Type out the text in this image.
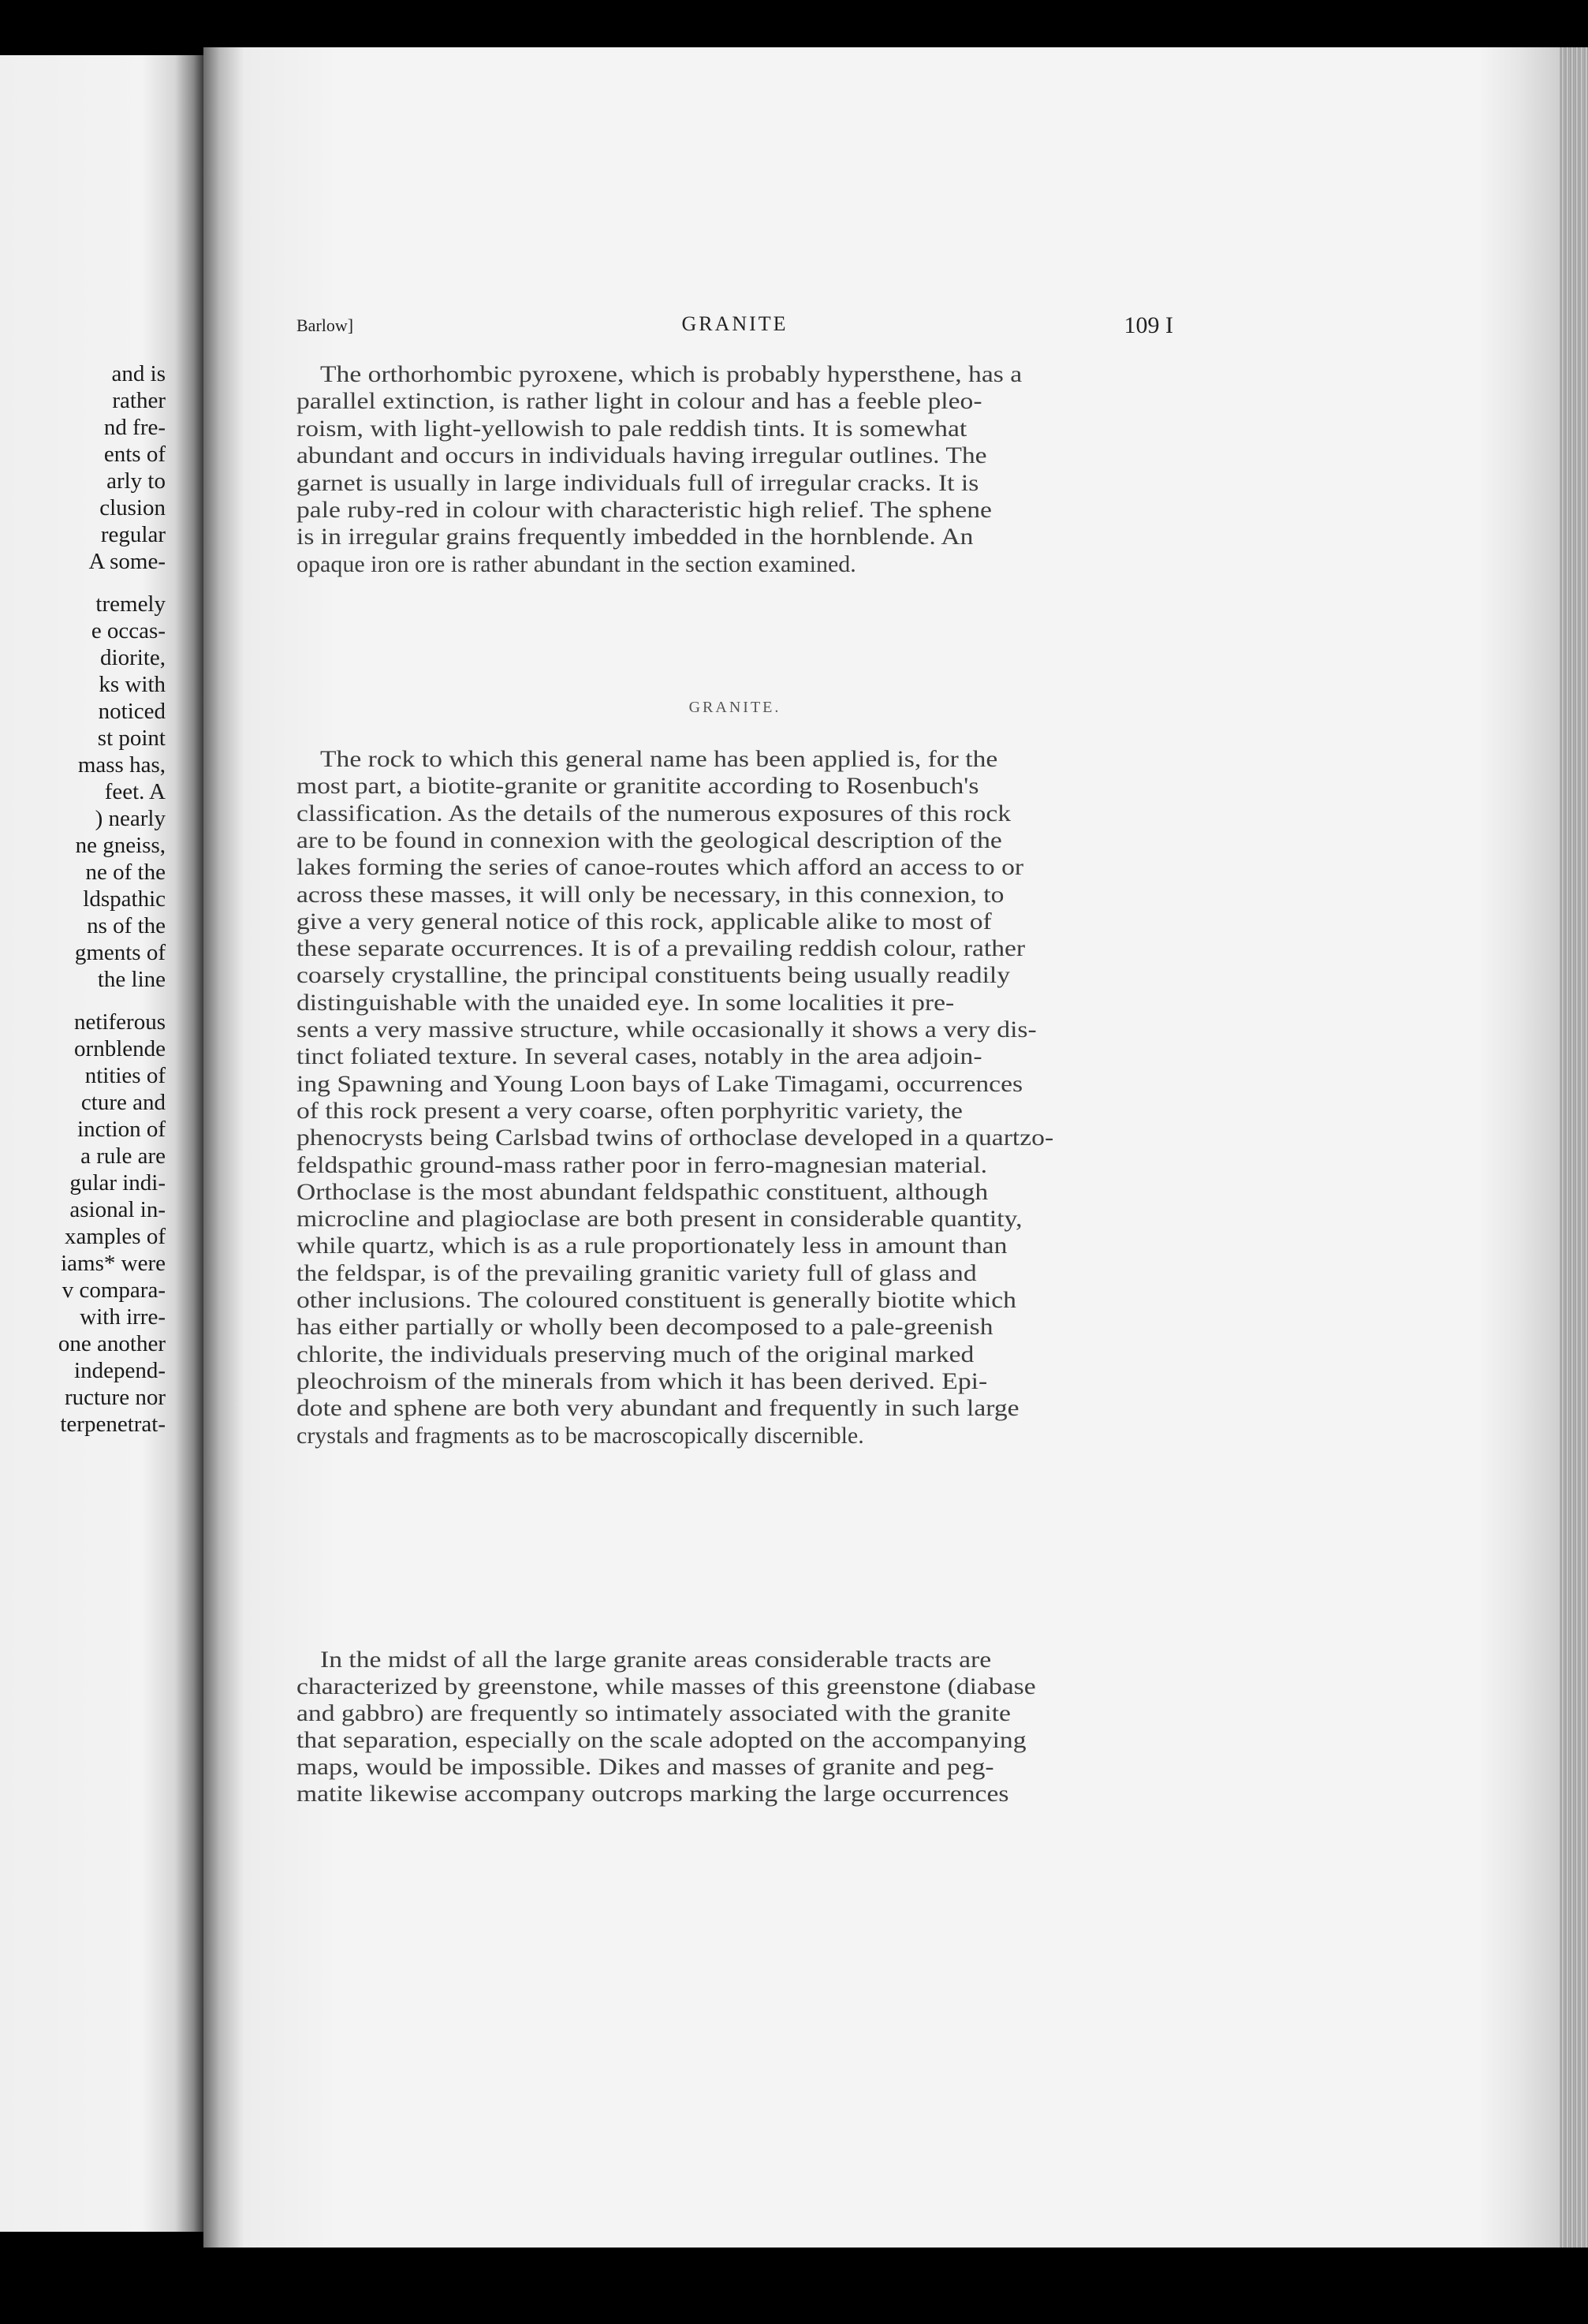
and is
rather
nd fre-
ents of
arly to
clusion
regular
A some-
tremely
e occas-
diorite,
ks with
noticed
st point
mass has,
feet. A
) nearly
ne gneiss,
ne of the
ldspathic
ns of the
gments of
the line
netiferous
ornblende
ntities of
cture and
inction of
a rule are
gular indi-
asional in-
xamples of
iams* were
v compara-
with irre-
one another
independ-
ructure nor
terpenetrat-
Barlow]	GRANITE	109 I
The orthorhombic pyroxene, which is probably hypersthene, has a
parallel extinction, is rather light in colour and has a feeble pleo-
roism, with light-yellowish to pale reddish tints. It is somewhat
abundant and occurs in individuals having irregular outlines. The
garnet is usually in large individuals full of irregular cracks. It is
pale ruby-red in colour with characteristic high relief. The sphene
is in irregular grains frequently imbedded in the hornblende. An
opaque iron ore is rather abundant in the section examined.
GRANITE.
The rock to which this general name has been applied is, for the
most part, a biotite-granite or granitite according to Rosenbuch's
classification. As the details of the numerous exposures of this rock
are to be found in connexion with the geological description of the
lakes forming the series of canoe-routes which afford an access to or
across these masses, it will only be necessary, in this connexion, to
give a very general notice of this rock, applicable alike to most of
these separate occurrences. It is of a prevailing reddish colour, rather
coarsely crystalline, the principal constituents being usually readily
distinguishable with the unaided eye. In some localities it pre-
sents a very massive structure, while occasionally it shows a very dis-
tinct foliated texture. In several cases, notably in the area adjoin-
ing Spawning and Young Loon bays of Lake Timagami, occurrences
of this rock present a very coarse, often porphyritic variety, the
phenocrysts being Carlsbad twins of orthoclase developed in a quartzo-
feldspathic ground-mass rather poor in ferro-magnesian material.
Orthoclase is the most abundant feldspathic constituent, although
microcline and plagioclase are both present in considerable quantity,
while quartz, which is as a rule proportionately less in amount than
the feldspar, is of the prevailing granitic variety full of glass and
other inclusions. The coloured constituent is generally biotite which
has either partially or wholly been decomposed to a pale-greenish
chlorite, the individuals preserving much of the original marked
pleochroism of the minerals from which it has been derived. Epi-
dote and sphene are both very abundant and frequently in such large
crystals and fragments as to be macroscopically discernible.
In the midst of all the large granite areas considerable tracts are
characterized by greenstone, while masses of this greenstone (diabase
and gabbro) are frequently so intimately associated with the granite
that separation, especially on the scale adopted on the accompanying
maps, would be impossible. Dikes and masses of granite and peg-
matite likewise accompany outcrops marking the large occurrences
